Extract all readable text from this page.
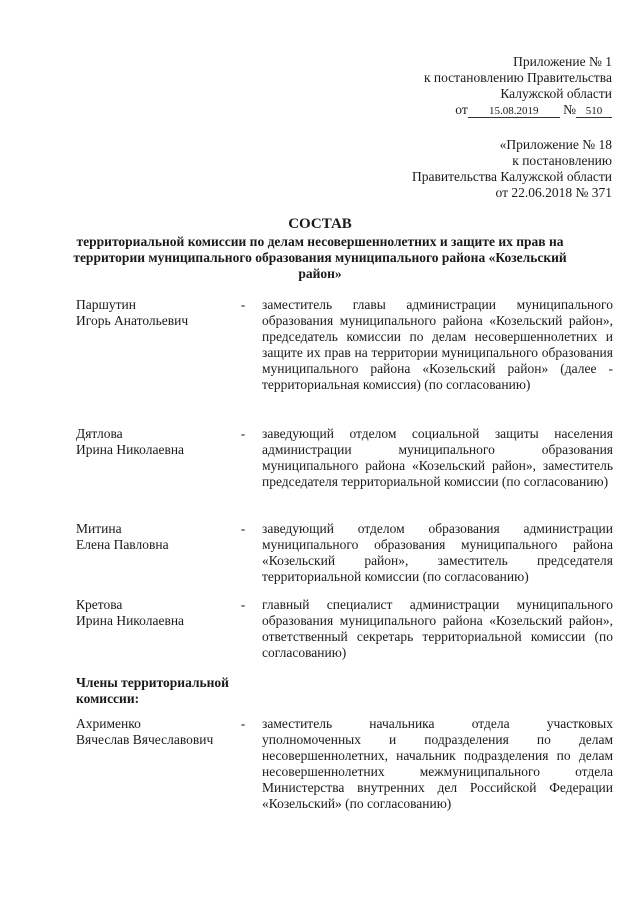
Приложение № 1
к постановлению Правительства
Калужской области
от 15.08.2019 № 510
«Приложение № 18
к постановлению
Правительства Калужской области
от 22.06.2018 № 371
СОСТАВ
территориальной комиссии по делам несовершеннолетних и защите их прав на территории муниципального образования муниципального района «Козельский район»
Паршутин
Игорь Анатольевич
- заместитель главы администрации муниципального образования муниципального района «Козельский район», председатель комиссии по делам несовершеннолетних и защите их прав на территории муниципального образования муниципального района «Козельский район» (далее - территориальная комиссия) (по согласованию)
Дятлова
Ирина Николаевна
- заведующий отделом социальной защиты населения администрации муниципального образования муниципального района «Козельский район», заместитель председателя территориальной комиссии (по согласованию)
Митина
Елена Павловна
- заведующий отделом образования администрации муниципального образования муниципального района «Козельский район», заместитель председателя территориальной комиссии (по согласованию)
Кретова
Ирина Николаевна
- главный специалист администрации муниципального образования муниципального района «Козельский район», ответственный секретарь территориальной комиссии (по согласованию)
Члены территориальной комиссии:
Ахрименко
Вячеслав Вячеславович
- заместитель начальника отдела участковых уполномоченных и подразделения по делам несовершеннолетних, начальник подразделения по делам несовершеннолетних межмуниципального отдела Министерства внутренних дел Российской Федерации «Козельский» (по согласованию)
